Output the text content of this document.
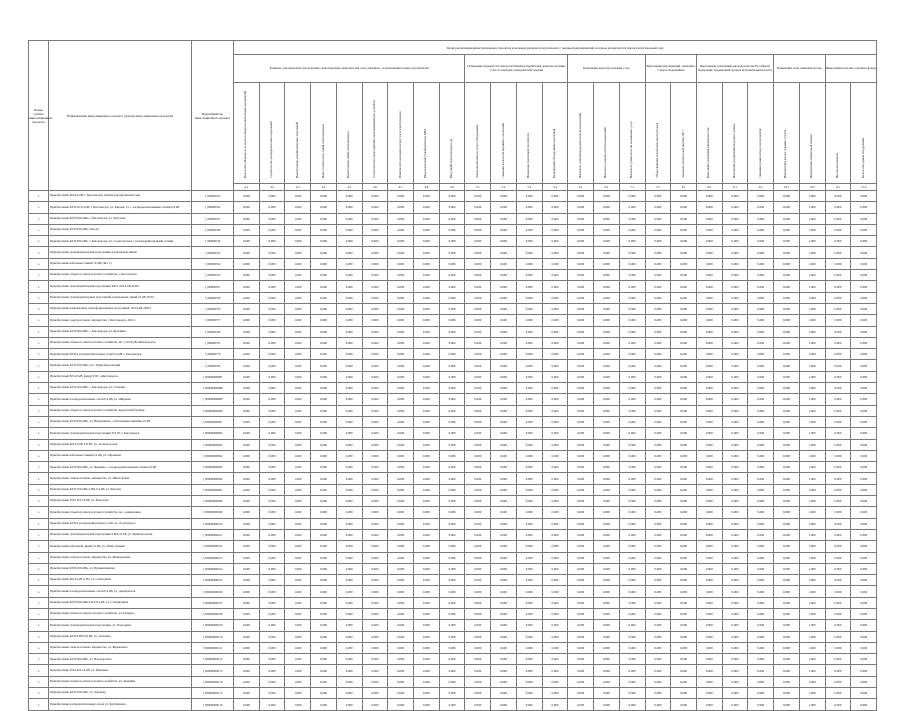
Номер группы инвестиционных проектов	Наименование инвестиционного проекта (группы инвестиционных проектов)	Идентификатор инвестиционного проекта	Цели реализации инвестиционных проектов в целевом регионе или регионах с оценкой мероприятий, которые реализуются проектом (плановый год)																								
			Развитие электрической сети/усиление существующей электрической сети, связанное с подключением новых потребителей									Повышение надежности электроснабжения потребителей, включая оказание услуг по передаче электрической энергии				Повышение качества оказания услуг			Выполнение мероприятий, связанных с энергосбережением		Выполнение требований законодательства Российской Федерации, предписаний органов исполнительной власти			Повышение доли снижения потерь		Инвестиции в прочие основные фонды	

			Количество объектов, на которых планируется выполнение мероприятий	Строительство распределительных подстанций	Реконструкция трансформаторных подстанций	Новое строительство линий электропередачи	Реконструкция линий электропередачи	Технологическое присоединение энергопринимающих устройств	Развитие системы коммерческого учета электроэнергии	Ввод мощностей трансформаторов, МВА	Ввод линий электропередачи, км	Замена выработавшего ресурс оборудования	Снижение количества аварийных отключений	Повышение пропускной способности	Модернизация оборудования подстанций	Показатель средней продолжительности прекращений	Показатель средней частоты прекращений	Показатель уровня качества оказываемых услуг	Объем снижения потребления энергоресурсов	Экономия электрической энергии, кВт·ч	Выполнение требований законодательства	Исполнение предписаний надзорных органов	Снижение уровня потерь электроэнергии	Приобретение прочих основных средств	Приобретение специальной техники	Прочие мероприятия	Количество единиц оборудования

			4.1	4.2	4.3	4.4	4.5	4.6	4.7	4.8	5.0	5.1	5.2	5.3	5.4	6.1	6.2	7.1	7.2	8.1	8.2	9.1	9.2	10.1	10.2	11.1	11.2
1.	Приобретение ВЛ-0,4 кВ, г. Кисловодск, Ленинградская-Бахмутская	J_000000523	0,000	0,000	1,000	0,000	0,000	0,000	0,000	0,000	0,000	0,000	0,000	0,000	0,000	0,000	0,000	0,000	0,000	0,000	0,000	0,000	0,000	0,000	1,000	0,000	0,000
1.	Приобретение КТП-10/0,4 кВ, г. Кисловодск, ул. Кирова, 15, с распределительными сетями 0,4 кВ	J_000000524	0,000	0,000	1,000	0,000	0,000	0,000	0,000	0,000	0,000	0,000	0,000	0,000	0,000	0,000	0,000	0,000	0,000	0,000	0,000	0,000	0,000	0,000	1,000	0,000	0,000
1.	Приобретение КТП-630 кВА, г. Кисловодск, ул. Кутузова	J_000000527	0,000	0,000	1,000	0,000	0,000	0,000	0,000	0,000	0,000	0,000	0,000	0,000	0,000	0,000	0,000	0,000	0,000	0,000	0,000	0,000	0,000	0,000	1,000	0,000	0,000
1.	Приобретение КТП-630 кВА (Лит.А)	J_000000528	0,000	0,000	1,000	0,000	0,000	0,000	0,000	0,000	0,000	0,000	0,000	0,000	0,000	0,000	0,000	0,000	0,000	0,000	0,000	0,000	0,000	0,000	1,000	0,000	0,000
1.	Приобретение КТП-630 кВА, г. Кисловодск, ул. Седлогорская, с распределительными сетями	J_000000530	0,000	0,000	1,000	0,000	0,000	0,000	0,000	0,000	0,000	0,000	0,000	0,000	0,000	0,000	0,000	0,000	0,000	0,000	0,000	0,000	0,000	0,000	1,000	0,000	0,000
1.	Приобретение трансформаторной подстанции и кабельной линии	J_000000531	0,000	0,000	1,000	0,000	0,000	0,000	0,000	0,000	0,000	0,000	0,000	0,000	0,000	0,000	0,000	0,000	0,000	0,000	0,000	0,000	0,000	0,000	1,000	0,000	0,000
1.	Приобретение кабельных линий 10 кВ (Лит. 1)	J_000000532	0,000	0,000	1,000	0,000	0,000	0,000	0,000	0,000	0,000	0,000	0,000	0,000	0,000	0,000	0,000	0,000	0,000	0,000	0,000	0,000	0,000	0,000	1,000	0,000	0,000
1.	Приобретение объектов электросетевого хозяйства, г. Кисловодск	J_000000533	0,000	0,000	1,000	0,000	0,000	0,000	0,000	0,000	0,000	0,000	0,000	0,000	0,000	0,000	0,000	0,000	0,000	0,000	0,000	0,000	0,000	0,000	1,000	0,000	0,000
1.	Приобретение трансформаторной подстанции КТП 10/0,4 кВ 2018 г.	J_000000567	0,000	0,000	1,000	0,000	0,000	0,000	0,000	0,000	0,000	0,000	0,000	0,000	0,000	0,000	0,000	0,000	0,000	0,000	0,000	0,000	0,000	0,000	1,000	0,000	0,000
1.	Приобретение трансформаторных подстанций и кабельных линий 10 кВ 2019 г.	J_000000578	0,000	0,000	1,000	0,000	0,000	0,000	0,000	0,000	0,000	0,000	0,000	0,000	0,000	0,000	0,000	0,000	0,000	0,000	0,000	0,000	0,000	0,000	1,000	0,000	0,000
1.	Приобретение комплектных трансформаторных подстанций 10/0,4 кВ 2020 г.	J_000000579	0,000	0,000	1,000	0,000	0,000	0,000	0,000	0,000	0,000	0,000	0,000	0,000	0,000	0,000	0,000	0,000	0,000	0,000	0,000	0,000	0,000	0,000	1,000	0,000	0,000
1.	Приобретение электросетевого имущества, г. Кисловодск, 2021 г.	J_000000577	0,000	0,000	1,000	0,000	0,000	0,000	0,000	0,000	0,000	0,000	0,000	0,000	0,000	0,000	0,000	0,000	0,000	0,000	0,000	0,000	0,000	0,000	1,000	0,000	0,000
1.	Приобретение КТП-400 кВА, г. Кисловодск, ул. Красивая	J_000000780	0,000	0,000	1,000	0,000	0,000	0,000	0,000	0,000	0,000	0,000	0,000	0,000	0,000	0,000	0,000	0,000	0,000	0,000	0,000	0,000	0,000	0,000	1,000	0,000	0,000
1.	Приобретение объектов электросетевого хозяйства, ПС 110/10 кВ «Кисловодск»	J_000000781	0,000	0,000	1,000	0,000	0,000	0,000	0,000	0,000	0,000	0,000	0,000	0,000	0,000	0,000	0,000	0,000	0,000	0,000	0,000	0,000	0,000	0,000	1,000	0,000	0,000
1.	Приобретение КТП и распределительных сетей 0,4 кВ, г. Кисловодск	J_000000776	0,000	0,000	1,000	0,000	0,000	0,000	0,000	0,000	0,000	0,000	0,000	0,000	0,000	0,000	0,000	0,000	0,000	0,000	0,000	0,000	0,000	0,000	1,000	0,000	0,000
1.	Приобретение КТП-250 кВА, пос. Правоберезовский	J_000000785	0,000	0,000	1,000	0,000	0,000	0,000	0,000	0,000	0,000	0,000	0,000	0,000	0,000	0,000	0,000	0,000	0,000	0,000	0,000	0,000	0,000	0,000	1,000	0,000	0,000
1.	Приобретение ВЛ-10 кВ, фидер 9 ПС «Кисловодск»	J_000000000087	0,000	0,000	1,000	0,000	0,000	0,000	0,000	0,000	0,000	0,000	0,000	0,000	0,000	0,000	0,000	0,000	0,000	0,000	0,000	0,000	0,000	0,000	1,000	0,000	0,000
1.	Приобретение КТП-160 кВА, г. Кисловодск, ул. Гагарина	J_000000000088	0,000	0,000	1,000	0,000	0,000	0,000	0,000	0,000	0,000	0,000	0,000	0,000	0,000	0,000	0,000	0,000	0,000	0,000	0,000	0,000	0,000	0,000	1,000	0,000	0,000
1.	Приобретение распределительных сетей 0,4 кВ, ул. Широкая	J_000000000089	0,000	0,000	1,000	0,000	0,000	0,000	0,000	0,000	0,000	0,000	0,000	0,000	0,000	0,000	0,000	0,000	0,000	0,000	0,000	0,000	0,000	0,000	1,000	0,000	0,000
1.	Приобретение объектов электросетевого хозяйства, Курортный бульвар	J_000000000090	0,000	0,000	1,000	0,000	0,000	0,000	0,000	0,000	0,000	0,000	0,000	0,000	0,000	0,000	0,000	0,000	0,000	0,000	0,000	0,000	0,000	0,000	1,000	0,000	0,000
1.	Приобретение КТП-630 кВА, ул. Набережная, с кабельными линиями 10 кВ	J_000000000091	0,000	0,000	1,000	0,000	0,000	0,000	0,000	0,000	0,000	0,000	0,000	0,000	0,000	0,000	0,000	0,000	0,000	0,000	0,000	0,000	0,000	0,000	1,000	0,000	0,000
1.	Приобретение трансформаторной подстанции ТП-18, г. Кисловодск	J_000000000092	0,000	0,000	1,000	0,000	0,000	0,000	0,000	0,000	0,000	0,000	0,000	0,000	0,000	0,000	0,000	0,000	0,000	0,000	0,000	0,000	0,000	0,000	1,000	0,000	0,000
1.	Приобретение ВЛ-0,4 кВ и КТП, ул. Зеленогорская	J_000000000093	0,000	0,000	1,000	0,000	0,000	0,000	0,000	0,000	0,000	0,000	0,000	0,000	0,000	0,000	0,000	0,000	0,000	0,000	0,000	0,000	0,000	0,000	1,000	0,000	0,000
1.	Приобретение кабельных линий 0,4 кВ, ул. Овражная	J_000000000094	0,000	0,000	1,000	0,000	0,000	0,000	0,000	0,000	0,000	0,000	0,000	0,000	0,000	0,000	0,000	0,000	0,000	0,000	0,000	0,000	0,000	0,000	1,000	0,000	0,000
1.	Приобретение КТП-400 кВА, ул. Фоменко, с распределительными сетями 0,4 кВ	J_000000000095	0,000	0,000	1,000	0,000	0,000	0,000	0,000	0,000	0,000	0,000	0,000	0,000	0,000	0,000	0,000	0,000	0,000	0,000	0,000	0,000	0,000	0,000	1,000	0,000	0,000
1.	Приобретение электросетевого имущества, ул. Пятигорская	J_000000000096	0,000	0,000	1,000	0,000	0,000	0,000	0,000	0,000	0,000	0,000	0,000	0,000	0,000	0,000	0,000	0,000	0,000	0,000	0,000	0,000	0,000	0,000	1,000	0,000	0,000
1.	Приобретение КТП-250 кВА и ВЛ-0,4 кВ, ул. Чкалова	J_000000000097	0,000	0,000	1,000	0,000	0,000	0,000	0,000	0,000	0,000	0,000	0,000	0,000	0,000	0,000	0,000	0,000	0,000	0,000	0,000	0,000	0,000	0,000	1,000	0,000	0,000
1.	Приобретение ТП и КЛ-10 кВ, ул. Ермолова	J_000000000098	0,000	0,000	1,000	0,000	0,000	0,000	0,000	0,000	0,000	0,000	0,000	0,000	0,000	0,000	0,000	0,000	0,000	0,000	0,000	0,000	0,000	0,000	1,000	0,000	0,000
1.	Приобретение объектов электросетевого хозяйства, пос. Аликоновка	J_000000000099	0,000	0,000	1,000	0,000	0,000	0,000	0,000	0,000	0,000	0,000	0,000	0,000	0,000	0,000	0,000	0,000	0,000	0,000	0,000	0,000	0,000	0,000	1,000	0,000	0,000
1.	Приобретение КТП и распределительных сетей, ул. Островского	J_000000000100	0,000	0,000	1,000	0,000	0,000	0,000	0,000	0,000	0,000	0,000	0,000	0,000	0,000	0,000	0,000	0,000	0,000	0,000	0,000	0,000	0,000	0,000	1,000	0,000	0,000
1.	Приобретение трансформаторной подстанции и ВЛ-10 кВ, ул. Велинградская	J_000000000101	0,000	0,000	1,000	0,000	0,000	0,000	0,000	0,000	0,000	0,000	0,000	0,000	0,000	0,000	0,000	0,000	0,000	0,000	0,000	0,000	0,000	0,000	1,000	0,000	0,000
1.	Приобретение кабельной линии 10 кВ, ул. Умара Алиева	J_000000000102	0,000	0,000	1,000	0,000	0,000	0,000	0,000	0,000	0,000	0,000	0,000	0,000	0,000	0,000	0,000	0,000	0,000	0,000	0,000	0,000	0,000	0,000	1,000	0,000	0,000
1.	Приобретение электросетевого имущества, ул. Минеральная	J_000000000103	0,000	0,000	1,000	0,000	0,000	0,000	0,000	0,000	0,000	0,000	0,000	0,000	0,000	0,000	0,000	0,000	0,000	0,000	0,000	0,000	0,000	0,000	1,000	0,000	0,000
1.	Приобретение КТП-100 кВА, ул. Промышленная	J_000000000104	0,000	0,000	1,000	0,000	0,000	0,000	0,000	0,000	0,000	0,000	0,000	0,000	0,000	0,000	0,000	0,000	0,000	0,000	0,000	0,000	0,000	0,000	1,000	0,000	0,000
1.	Приобретение ВЛ-10 кВ и ТП, ул. Санаторная	J_000000000105	0,000	0,000	1,000	0,000	0,000	0,000	0,000	0,000	0,000	0,000	0,000	0,000	0,000	0,000	0,000	0,000	0,000	0,000	0,000	0,000	0,000	0,000	1,000	0,000	0,000
1.	Приобретение распределительных сетей 0,4 кВ, ул. Декабристов	J_000000000106	0,000	0,000	1,000	0,000	0,000	0,000	0,000	0,000	0,000	0,000	0,000	0,000	0,000	0,000	0,000	0,000	0,000	0,000	0,000	0,000	0,000	0,000	1,000	0,000	0,000
1.	Приобретение КТП-630 кВА и КЛ-0,4 кВ, ул. Станционная	J_000000000107	0,000	0,000	1,000	0,000	0,000	0,000	0,000	0,000	0,000	0,000	0,000	0,000	0,000	0,000	0,000	0,000	0,000	0,000	0,000	0,000	0,000	0,000	1,000	0,000	0,000
1.	Приобретение объектов электросетевого хозяйства, ул. Цандера	J_000000000108	0,000	0,000	1,000	0,000	0,000	0,000	0,000	0,000	0,000	0,000	0,000	0,000	0,000	0,000	0,000	0,000	0,000	0,000	0,000	0,000	0,000	0,000	1,000	0,000	0,000
1.	Приобретение трансформаторной подстанции, ул. Подгорная	J_000000000109	0,000	0,000	1,000	0,000	0,000	0,000	0,000	0,000	0,000	0,000	0,000	0,000	0,000	0,000	0,000	0,000	0,000	0,000	0,000	0,000	0,000	0,000	1,000	0,000	0,000
1.	Приобретение КТП и ВЛ-0,4 кВ, ул. Тельмана	J_000000000110	0,000	0,000	1,000	0,000	0,000	0,000	0,000	0,000	0,000	0,000	0,000	0,000	0,000	0,000	0,000	0,000	0,000	0,000	0,000	0,000	0,000	0,000	1,000	0,000	0,000
1.	Приобретение электросетевого имущества, ул. Жуковского	J_000000000111	0,000	0,000	1,000	0,000	0,000	0,000	0,000	0,000	0,000	0,000	0,000	0,000	0,000	0,000	0,000	0,000	0,000	0,000	0,000	0,000	0,000	0,000	1,000	0,000	0,000
1.	Приобретение КТП-400 кВА, ул. Володарского	J_000000000112	0,000	0,000	1,000	0,000	0,000	0,000	0,000	0,000	0,000	0,000	0,000	0,000	0,000	0,000	0,000	0,000	0,000	0,000	0,000	0,000	0,000	0,000	1,000	0,000	0,000
1.	Приобретение ТП и КЛ-10 кВ, ул. Шаумяна	J_000000000113	0,000	0,000	1,000	0,000	0,000	0,000	0,000	0,000	0,000	0,000	0,000	0,000	0,000	0,000	0,000	0,000	0,000	0,000	0,000	0,000	0,000	0,000	1,000	0,000	0,000
1.	Приобретение объектов электросетевого хозяйства, ул. Авиации	J_000000000114	0,000	0,000	1,000	0,000	0,000	0,000	0,000	0,000	0,000	0,000	0,000	0,000	0,000	0,000	0,000	0,000	0,000	0,000	0,000	0,000	0,000	0,000	1,000	0,000	0,000
1.	Приобретение КТП-250 кВА, ул. Заречная	J_000000000115	0,000	0,000	1,000	0,000	0,000	0,000	0,000	0,000	0,000	0,000	0,000	0,000	0,000	0,000	0,000	0,000	0,000	0,000	0,000	0,000	0,000	0,000	1,000	0,000	0,000
1.	Приобретение распределительных сетей, ул. Клубничная	J_000000000116	0,000	0,000	1,000	0,000	0,000	0,000	0,000	0,000	0,000	0,000	0,000	0,000	0,000	0,000	0,000	0,000	0,000	0,000	0,000	0,000	0,000	0,000	1,000	0,000	0,000
